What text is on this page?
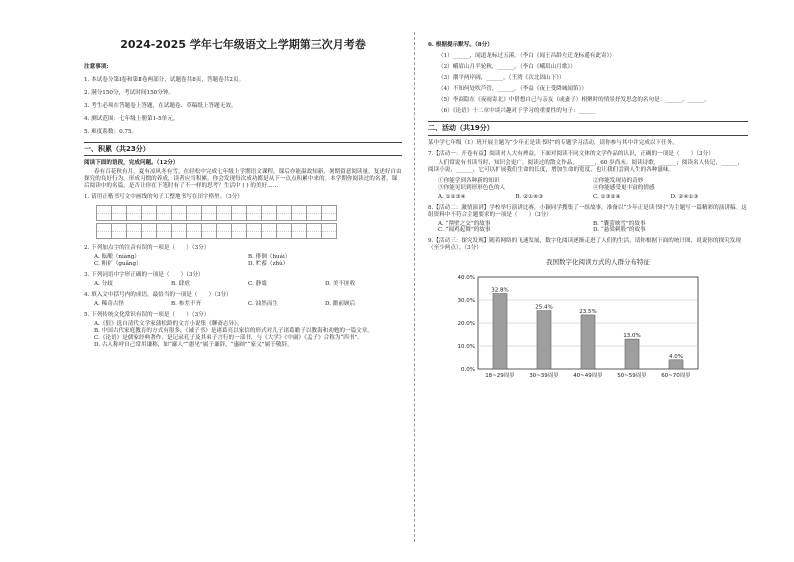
2024-2025 学年七年级语文上学期第三次月考卷
注意事项:

1. 本试卷分第Ⅰ卷和第Ⅱ卷两部分，试题卷共8页，答题卷共2页。

2. 满分150分，考试时间150分钟。

3. 考生必须在答题卷上答题，在试题卷、草稿纸上答题无效。

4. 测试范围：七年级上册第1-5单元。

5. 难度系数：0.75。

一、积累（共23分）
阅读下面的语段，完成问题。（12分）
春有百花秋有月，夏有凉风冬有雪。在轻松中完成七年级上学期语文课程，课后亦能温故知新，暑期留意阅读量，复述好自由探究的良好行为，形成习惯的养成，读者应当积累。你会发现每次成功都是从下一点点积累中来的。本学期你阅读过的名著，课后阅读中的名篇，是否让你在下笔时有了不一样的思考？生活中 ( ) 的美好……
1. 请用正楷书写文中画线的句子工整地书写在田字格里。（3分）
2. 下列加点字的注音有误的一项是（　　）（3分）
A. 酝酿（niàng）	B. 徘徊（huái）
C. 粗犷（guǎng）	D. 贮蓄（zhù）
3. 下列词语中字形正确的一项是（　　）（3分）
A. 分歧	B. 肆虐	C. 静谧	D. 美不匪收
4. 填入文中括号内的成语，最恰当的一项是（　　）（3分）
A. 稀奇古怪	B. 参差不齐	C. 油然而生	D. 瞻前顾后
5. 下列传统文化常识有误的一项是（　　）（3分）
A.《狼》选自清代文学家蒲松龄的文言小说集《聊斋志异》。
B. 中国古代家庭教育的方式有很多，《诫子书》是诸葛亮以家信的形式对儿子诸葛瞻子以教诲和劝勉的一篇文章。
C.《论语》是儒家经典著作，是记录孔子及其弟子言行的一部书，与《大学》《中庸》《孟子》合称为“四书”。
D. 古人称呼自己常用谦称，如“鄙人”“愚见”属于谦辞，“惠顾”“家父”属于敬辞。
6. 根据提示默写。（8分）
（1）______，闻道龙标过五溪。（李白《闻王昌龄左迁龙标遥有此寄》）
（2）峨眉山月半轮秋，______。（李白《峨眉山月歌》）
（3）潮平两岸阔，______。（王湾《次北固山下》）
（4）不知何处吹芦管，______。（李益《夜上受降城闻笛》）
（5）李商隐在《夜雨寄北》中借想自己与亲友（或妻子）相聚时的情景抒发思念的名句是：______，______。
（6）《论语》十二章中谈兴趣对于学习的重要性的句子：______
二、活动（共19分）
某中学七年级（1）班开展主题为“少年正是读书时”的专题学习活动，请你参与其中并完成以下任务。
7.【活动一：开卷有益】阅读对人大有裨益，下面对阅读不同文体的文学作品的认识，正确的一项是（　　）（3分）
人们常说有书读当时，知识会更广。阅读过的散文作品，______，60 岁尚未。阅读诗歌，______；阅读名人传记，______，阅读小说，______，它可以扩展我们生命的长度，增加生命的宽度，也让我们尝到人生的各种滋味。
①你能学到各种新的知识	②你能发现诗的奇妙
③你能见识到形形色色的人	④你能感受更丰富的情感
A. ①②③④	B. ②①④③	C. ①③②④	D. ②④①③
8.【活动二：激情演讲】学校举行演讲比赛，小颖同学搜集了一组故事，准备以“少年正是读书时”为主题写一篇精彩的演讲稿。这组资料中不符合主题要求的一项是（　　）（3分）
A. “凿壁之交”的故事	B. “囊萤映雪”的故事
C. “闻鸡起舞”的故事	D. “悬梁刺股”的故事
9.【活动三：探究发现】随着网络的飞速发展，数字化阅读逐渐走进了人们的生活，请你根据下面的统计图，说说你的探究发现（至少两点）。（3分）
我国数字化阅读方式的人群分布特征
0.0%
10.0%
20.0%
30.0%
40.0%
32.8%
18~29周岁
25.4%
30~39周岁
23.5%
40~49周岁
13.0%
50~59周岁
4.0%
60~70周岁
